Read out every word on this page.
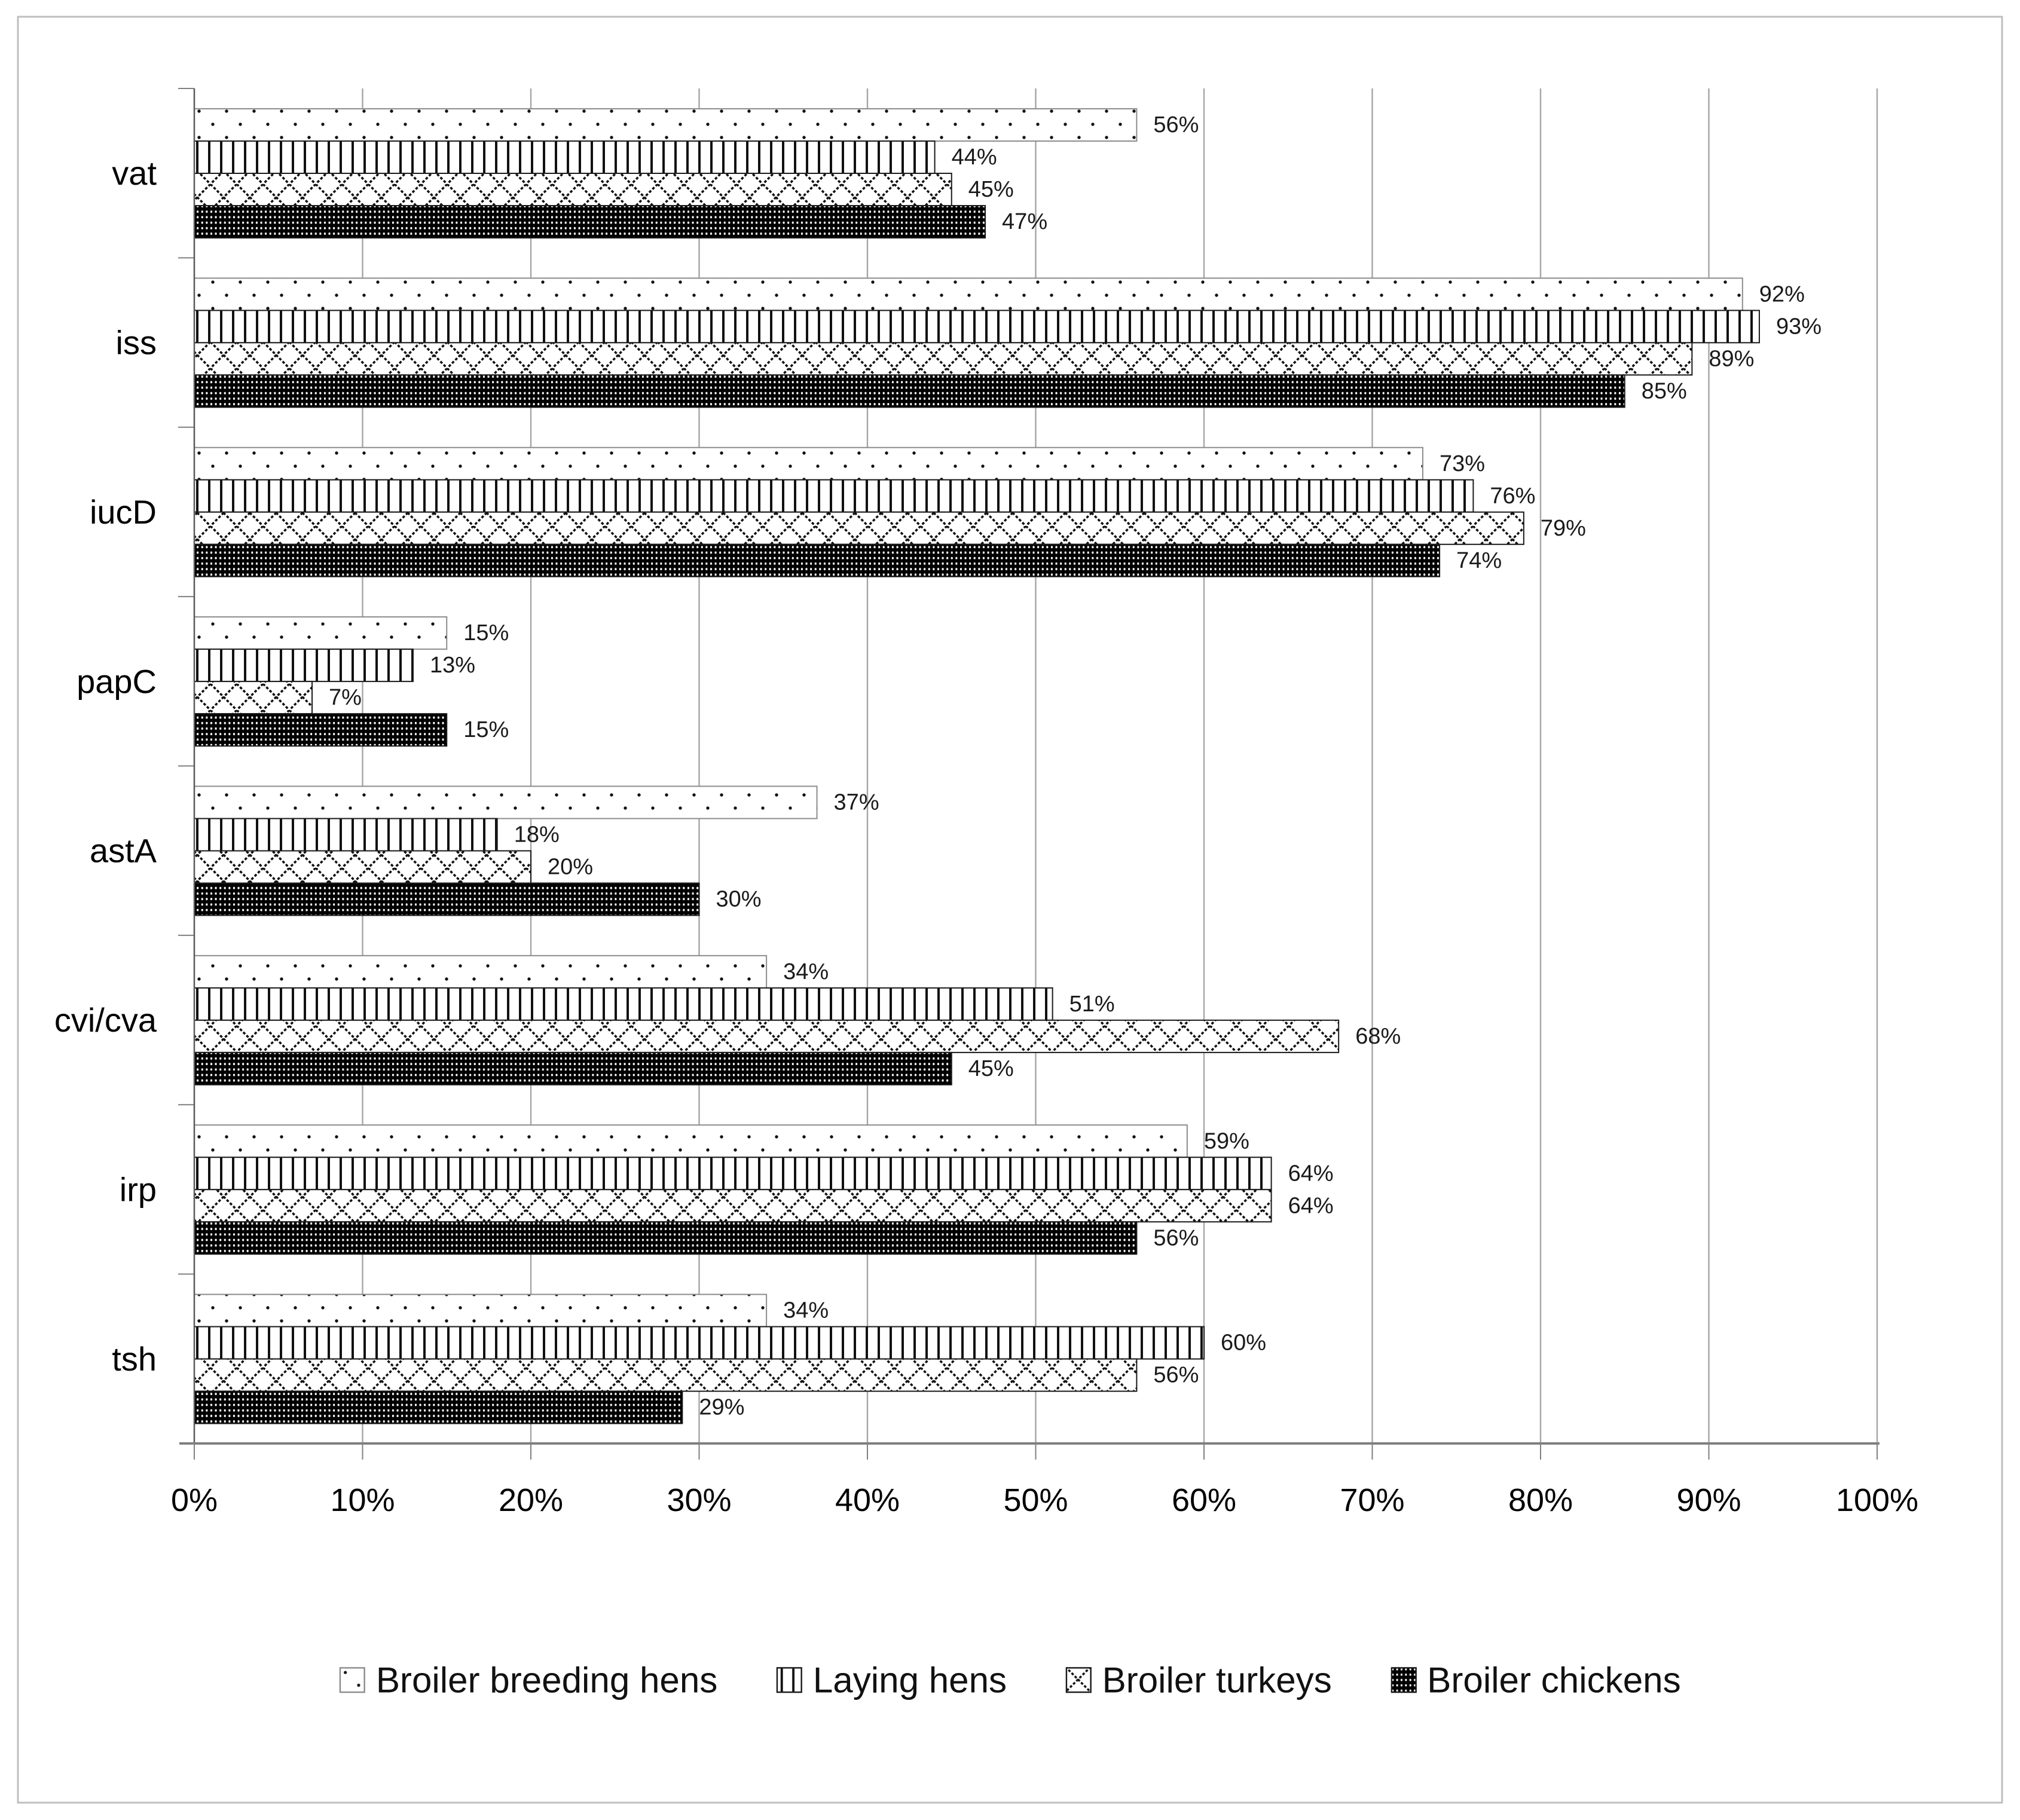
vat
56%
44%
45%
47%
iss
92%
93%
89%
85%
iucD
73%
76%
79%
74%
papC
15%
13%
7%
15%
astA
37%
18%
20%
30%
cvi/cva
34%
51%
68%
45%
irp
59%
64%
64%
56%
tsh
34%
60%
56%
29%
0%	10%	20%	30%	40%	50%	60%	70%	80%	90%	100%
Broiler breeding hens	Laying hens	Broiler turkeys	Broiler chickens
